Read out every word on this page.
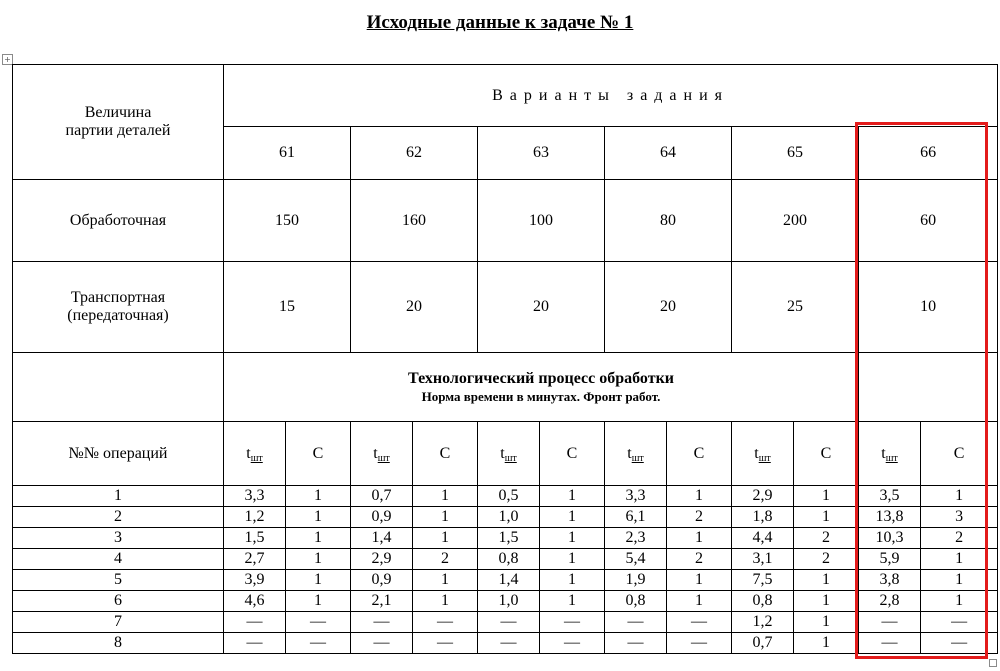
Исходные данные к задаче № 1
+
Величина
партии деталей	Варианты задания											
	61		62		63		64		65		66	
Обработочная	150		160		100		80		200		60	

Транспортная
(передаточная)	15		20		20		20		25		10	

	Технологический процесс обработки
Норма времени в минутах. Фронт работ.											

№№ операций	tшт	С	tшт	С	tшт	С	tшт	С	tшт	С	tшт	С
1	3,3	1	0,7	1	0,5	1	3,3	1	2,9	1	3,5	1
2	1,2	1	0,9	1	1,0	1	6,1	2	1,8	1	13,8	3
3	1,5	1	1,4	1	1,5	1	2,3	1	4,4	2	10,3	2
4	2,7	1	2,9	2	0,8	1	5,4	2	3,1	2	5,9	1
5	3,9	1	0,9	1	1,4	1	1,9	1	7,5	1	3,8	1
6	4,6	1	2,1	1	1,0	1	0,8	1	0,8	1	2,8	1
7	—	—	—	—	—	—	—	—	1,2	1	—	—
8	—	—	—	—	—	—	—	—	0,7	1	—	—
